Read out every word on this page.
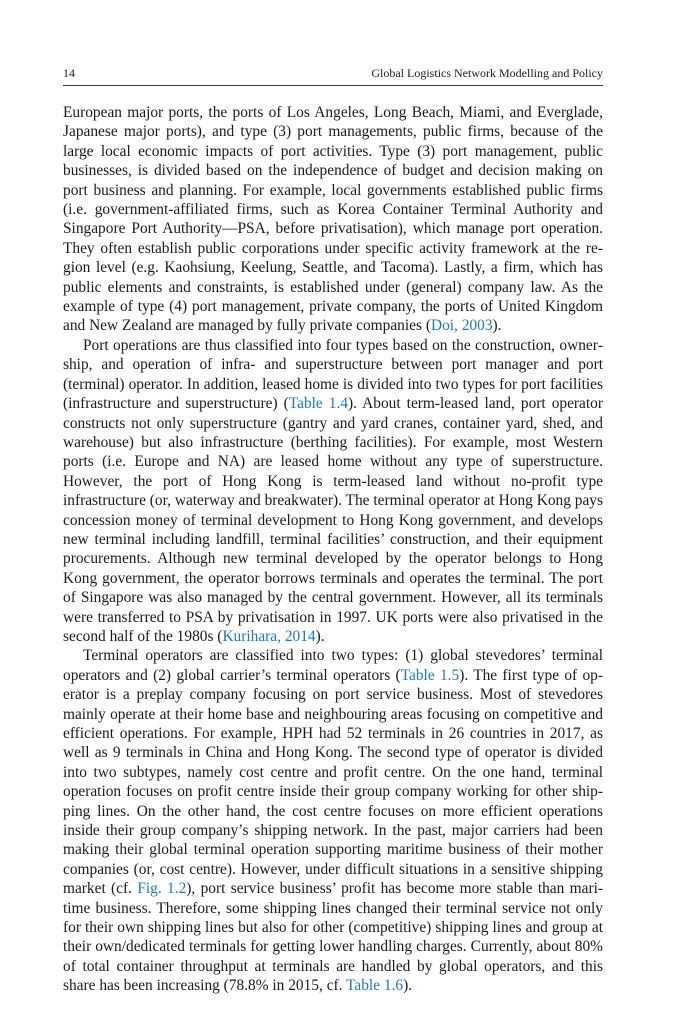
14	Global Logistics Network Modelling and Policy

European major ports, the ports of Los Angeles, Long Beach, Miami, and Everglade, Japanese major ports), and type (3) port managements, public firms, because of the large local economic impacts of port activities. Type (3) port management, public businesses, is divided based on the independence of budget and decision making on port business and planning. For example, local governments established public firms (i.e. government-affiliated firms, such as Korea Container Terminal Authority and Singapore Port Authority—PSA, before privatisation), which manage port operation. They often establish public corporations under specific activity framework at the region level (e.g. Kaohsiung, Keelung, Seattle, and Tacoma). Lastly, a firm, which has public elements and constraints, is established under (general) company law. As the example of type (4) port management, private company, the ports of United Kingdom and New Zealand are managed by fully private companies (Doi, 2003).

Port operations are thus classified into four types based on the construction, ownership, and operation of infra- and superstructure between port manager and port (terminal) operator. In addition, leased home is divided into two types for port facilities (infrastructure and superstructure) (Table 1.4). About term-leased land, port operator constructs not only superstructure (gantry and yard cranes, container yard, shed, and warehouse) but also infrastructure (berthing facilities). For example, most Western ports (i.e. Europe and NA) are leased home without any type of superstructure. However, the port of Hong Kong is term-leased land without no-profit type infrastructure (or, waterway and breakwater). The terminal operator at Hong Kong pays concession money of terminal development to Hong Kong government, and develops new terminal including landfill, terminal facilities’ construction, and their equipment procurements. Although new terminal developed by the operator belongs to Hong Kong government, the operator borrows terminals and operates the terminal. The port of Singapore was also managed by the central government. However, all its terminals were transferred to PSA by privatisation in 1997. UK ports were also privatised in the second half of the 1980s (Kurihara, 2014).

Terminal operators are classified into two types: (1) global stevedores’ terminal operators and (2) global carrier’s terminal operators (Table 1.5). The first type of operator is a preplay company focusing on port service business. Most of stevedores mainly operate at their home base and neighbouring areas focusing on competitive and efficient operations. For example, HPH had 52 terminals in 26 countries in 2017, as well as 9 terminals in China and Hong Kong. The second type of operator is divided into two subtypes, namely cost centre and profit centre. On the one hand, terminal operation focuses on profit centre inside their group company working for other shipping lines. On the other hand, the cost centre focuses on more efficient operations inside their group company’s shipping network. In the past, major carriers had been making their global terminal operation supporting maritime business of their mother companies (or, cost centre). However, under difficult situations in a sensitive shipping market (cf. Fig. 1.2), port service business’ profit has become more stable than maritime business. Therefore, some shipping lines changed their terminal service not only for their own shipping lines but also for other (competitive) shipping lines and group at their own/dedicated terminals for getting lower handling charges. Currently, about 80% of total container throughput at terminals are handled by global operators, and this share has been increasing (78.8% in 2015, cf. Table 1.6).
